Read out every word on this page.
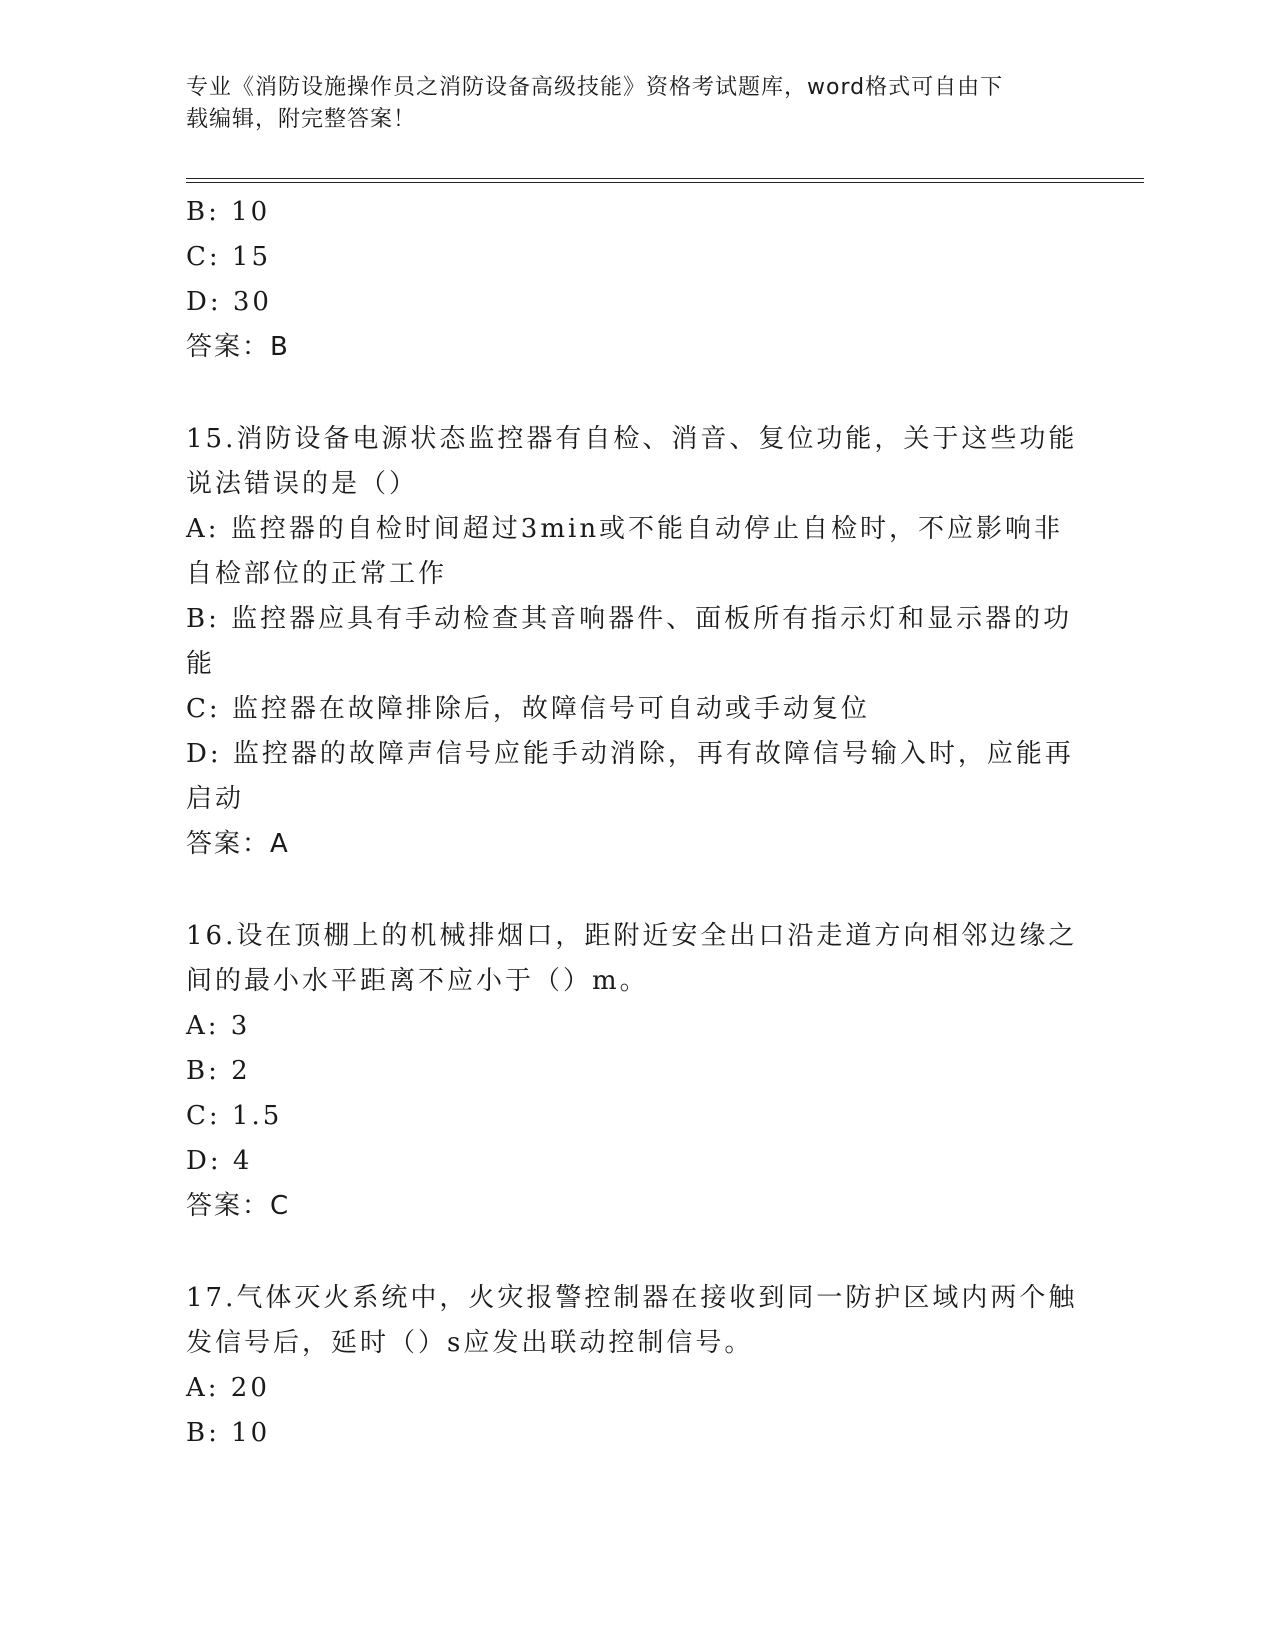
专业《消防设施操作员之消防设备高级技能》资格考试题库，word格式可自由下
载编辑，附完整答案！
B: 10
C: 15
D: 30
答案：B
15.消防设备电源状态监控器有自检、消音、复位功能，关于这些功能
说法错误的是（）
A: 监控器的自检时间超过3min或不能自动停止自检时，不应影响非
自检部位的正常工作
B: 监控器应具有手动检查其音响器件、面板所有指示灯和显示器的功
能
C: 监控器在故障排除后，故障信号可自动或手动复位
D: 监控器的故障声信号应能手动消除，再有故障信号输入时，应能再
启动
答案：A
16.设在顶棚上的机械排烟口，距附近安全出口沿走道方向相邻边缘之
间的最小水平距离不应小于（）m。
A: 3
B: 2
C: 1.5
D: 4
答案：C
17.气体灭火系统中，火灾报警控制器在接收到同一防护区域内两个触
发信号后，延时（）s应发出联动控制信号。
A: 20
B: 10
